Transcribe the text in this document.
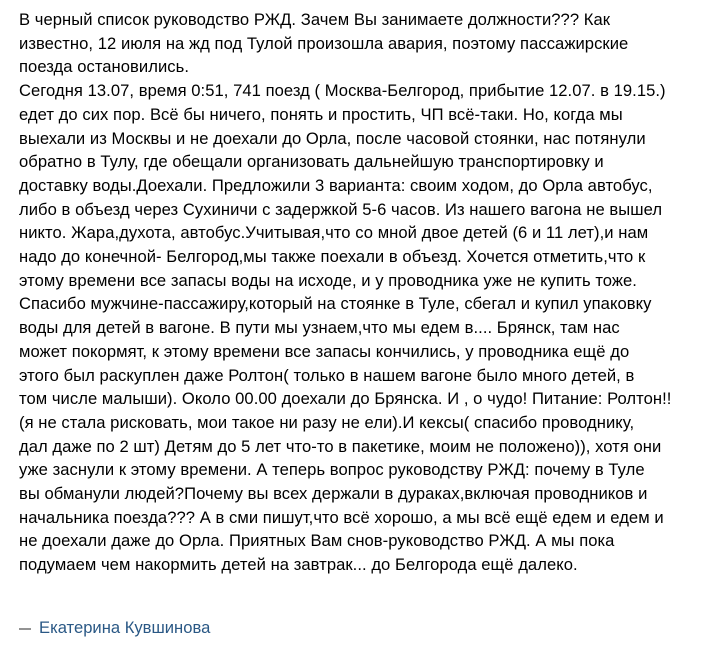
В черный список руководство РЖД. Зачем Вы занимаете должности??? Как
известно, 12 июля на жд под Тулой произошла авария, поэтому пассажирские
поезда остановились.
Сегодня 13.07, время 0:51, 741 поезд ( Москва-Белгород, прибытие 12.07. в 19.15.)
едет до сих пор. Всё бы ничего, понять и простить, ЧП всё-таки. Но, когда мы
выехали из Москвы и не доехали до Орла, после часовой стоянки, нас потянули
обратно в Тулу, где обещали организовать дальнейшую транспортировку и
доставку воды.Доехали. Предложили 3 варианта: своим ходом, до Орла автобус,
либо в объезд через Сухиничи с задержкой 5-6 часов. Из нашего вагона не вышел
никто. Жара,духота, автобус.Учитывая,что со мной двое детей (6 и 11 лет),и нам
надо до конечной- Белгород,мы также поехали в объезд. Хочется отметить,что к
этому времени все запасы воды на исходе, и у проводника уже не купить тоже.
Спасибо мужчине-пассажиру,который на стоянке в Туле, сбегал и купил упаковку
воды для детей в вагоне. В пути мы узнаем,что мы едем в.... Брянск, там нас
может покормят, к этому времени все запасы кончились, у проводника ещё до
этого был раскуплен даже Ролтон( только в нашем вагоне было много детей, в
том числе малыши). Около 00.00 доехали до Брянска. И , о чудо! Питание: Ролтон!!
(я не стала рисковать, мои такое ни разу не ели).И кексы( спасибо проводнику,
дал даже по 2 шт) Детям до 5 лет что-то в пакетике, моим не положено)), хотя они
уже заснули к этому времени. А теперь вопрос руководству РЖД: почему в Туле
вы обманули людей?Почему вы всех держали в дураках,включая проводников и
начальника поезда??? А в сми пишут,что всё хорошо, а мы всё ещё едем и едем и
не доехали даже до Орла. Приятных Вам снов-руководство РЖД. А мы пока
подумаем чем накормить детей на завтрак... до Белгорода ещё далеко.

Екатерина Кувшинова
